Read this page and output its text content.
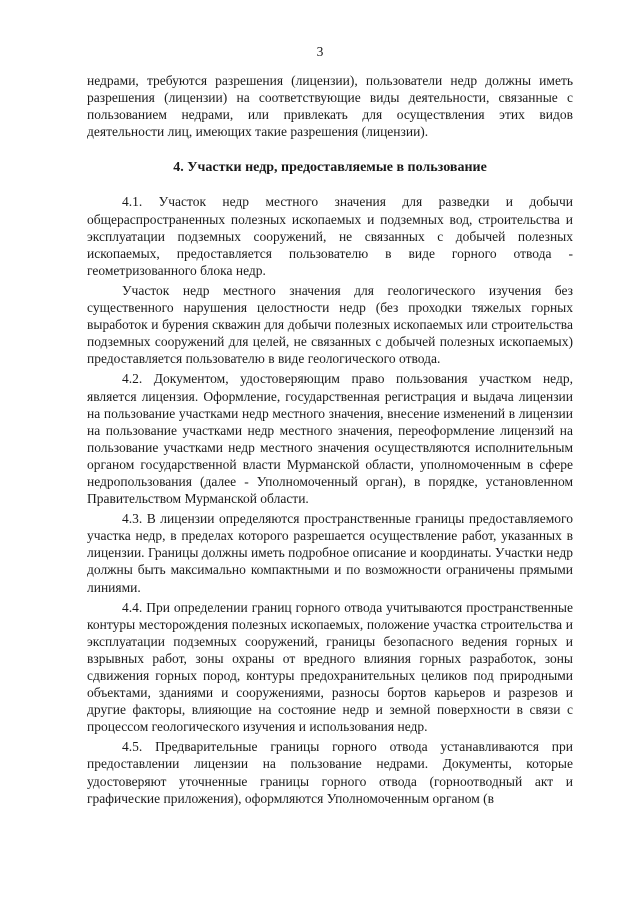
3

недрами, требуются разрешения (лицензии), пользователи недр должны иметь разрешения (лицензии) на соответствующие виды деятельности, связанные с пользованием недрами, или привлекать для осуществления этих видов деятельности лиц, имеющих такие разрешения (лицензии).

4. Участки недр, предоставляемые в пользование

4.1. Участок недр местного значения для разведки и добычи общераспространенных полезных ископаемых и подземных вод, строительства и эксплуатации подземных сооружений, не связанных с добычей полезных ископаемых, предоставляется пользователю в виде горного отвода - геометризованного блока недр.

Участок недр местного значения для геологического изучения без существенного нарушения целостности недр (без проходки тяжелых горных выработок и бурения скважин для добычи полезных ископаемых или строительства подземных сооружений для целей, не связанных с добычей полезных ископаемых) предоставляется пользователю в виде геологического отвода.

4.2. Документом, удостоверяющим право пользования участком недр, является лицензия. Оформление, государственная регистрация и выдача лицензии на пользование участками недр местного значения, внесение изменений в лицензии на пользование участками недр местного значения, переоформление лицензий на пользование участками недр местного значения осуществляются исполнительным органом государственной власти Мурманской области, уполномоченным в сфере недропользования (далее - Уполномоченный орган), в порядке, установленном Правительством Мурманской области.

4.3. В лицензии определяются пространственные границы предоставляемого участка недр, в пределах которого разрешается осуществление работ, указанных в лицензии. Границы должны иметь подробное описание и координаты. Участки недр должны быть максимально компактными и по возможности ограничены прямыми линиями.

4.4. При определении границ горного отвода учитываются пространственные контуры месторождения полезных ископаемых, положение участка строительства и эксплуатации подземных сооружений, границы безопасного ведения горных и взрывных работ, зоны охраны от вредного влияния горных разработок, зоны сдвижения горных пород, контуры предохранительных целиков под природными объектами, зданиями и сооружениями, разносы бортов карьеров и разрезов и другие факторы, влияющие на состояние недр и земной поверхности в связи с процессом геологического изучения и использования недр.

4.5. Предварительные границы горного отвода устанавливаются при предоставлении лицензии на пользование недрами. Документы, которые удостоверяют уточненные границы горного отвода (горноотводный акт и графические приложения), оформляются Уполномоченным органом (в
